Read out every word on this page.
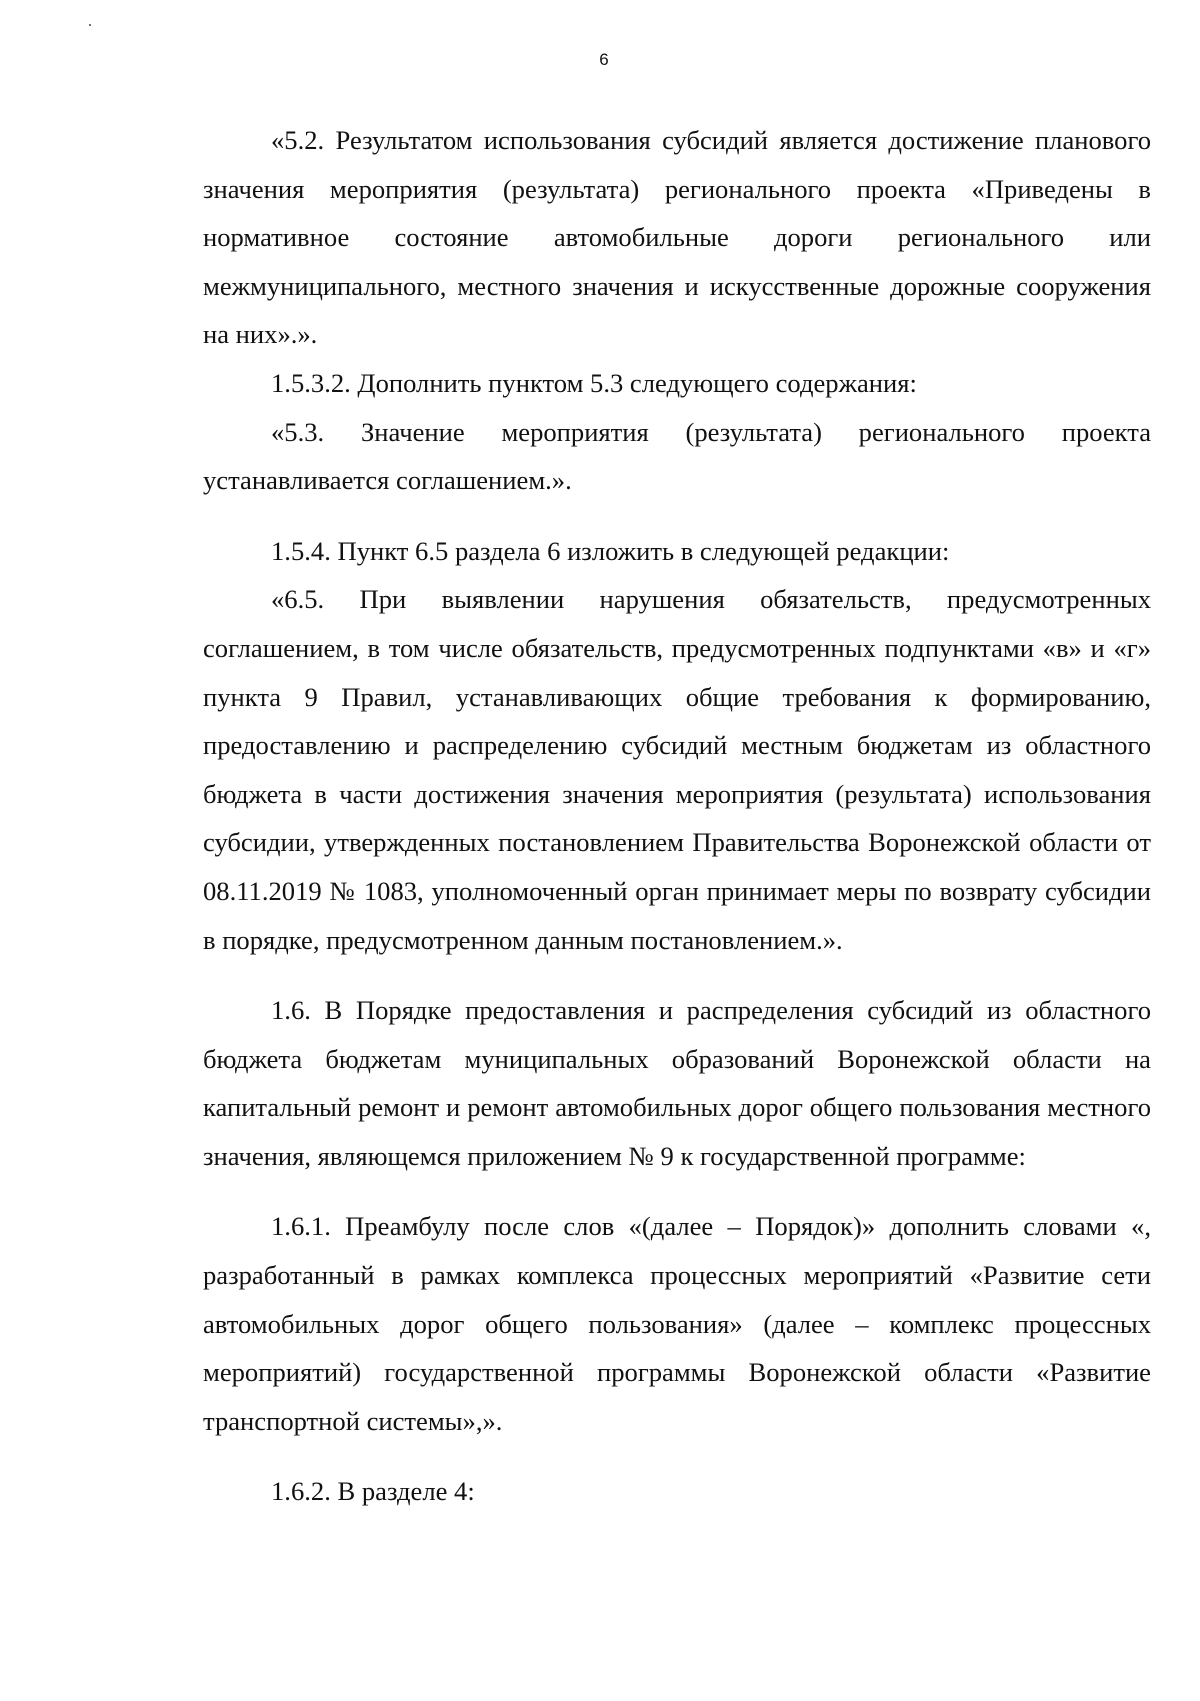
6

«5.2. Результатом использования субсидий является достижение планового значения мероприятия (результата) регионального проекта «Приведены в нормативное состояние автомобильные дороги регионального или межмуниципального, местного значения и искусственные дорожные сооружения на них».».

1.5.3.2. Дополнить пунктом 5.3 следующего содержания:

«5.3. Значение мероприятия (результата) регионального проекта устанавливается соглашением.».

1.5.4. Пункт 6.5 раздела 6 изложить в следующей редакции:

«6.5. При выявлении нарушения обязательств, предусмотренных соглашением, в том числе обязательств, предусмотренных подпунктами «в» и «г» пункта 9 Правил, устанавливающих общие требования к формированию, предоставлению и распределению субсидий местным бюджетам из областного бюджета в части достижения значения мероприятия (результата) использования субсидии, утвержденных постановлением Правительства Воронежской области от 08.11.2019 № 1083, уполномоченный орган принимает меры по возврату субсидии в порядке, предусмотренном данным постановлением.».

1.6. В Порядке предоставления и распределения субсидий из областного бюджета бюджетам муниципальных образований Воронежской области на капитальный ремонт и ремонт автомобильных дорог общего пользования местного значения, являющемся приложением № 9 к государственной программе:

1.6.1. Преамбулу после слов «(далее – Порядок)» дополнить словами «, разработанный в рамках комплекса процессных мероприятий «Развитие сети автомобильных дорог общего пользования» (далее – комплекс процессных мероприятий) государственной программы Воронежской области «Развитие транспортной системы»,».

1.6.2. В разделе 4:
